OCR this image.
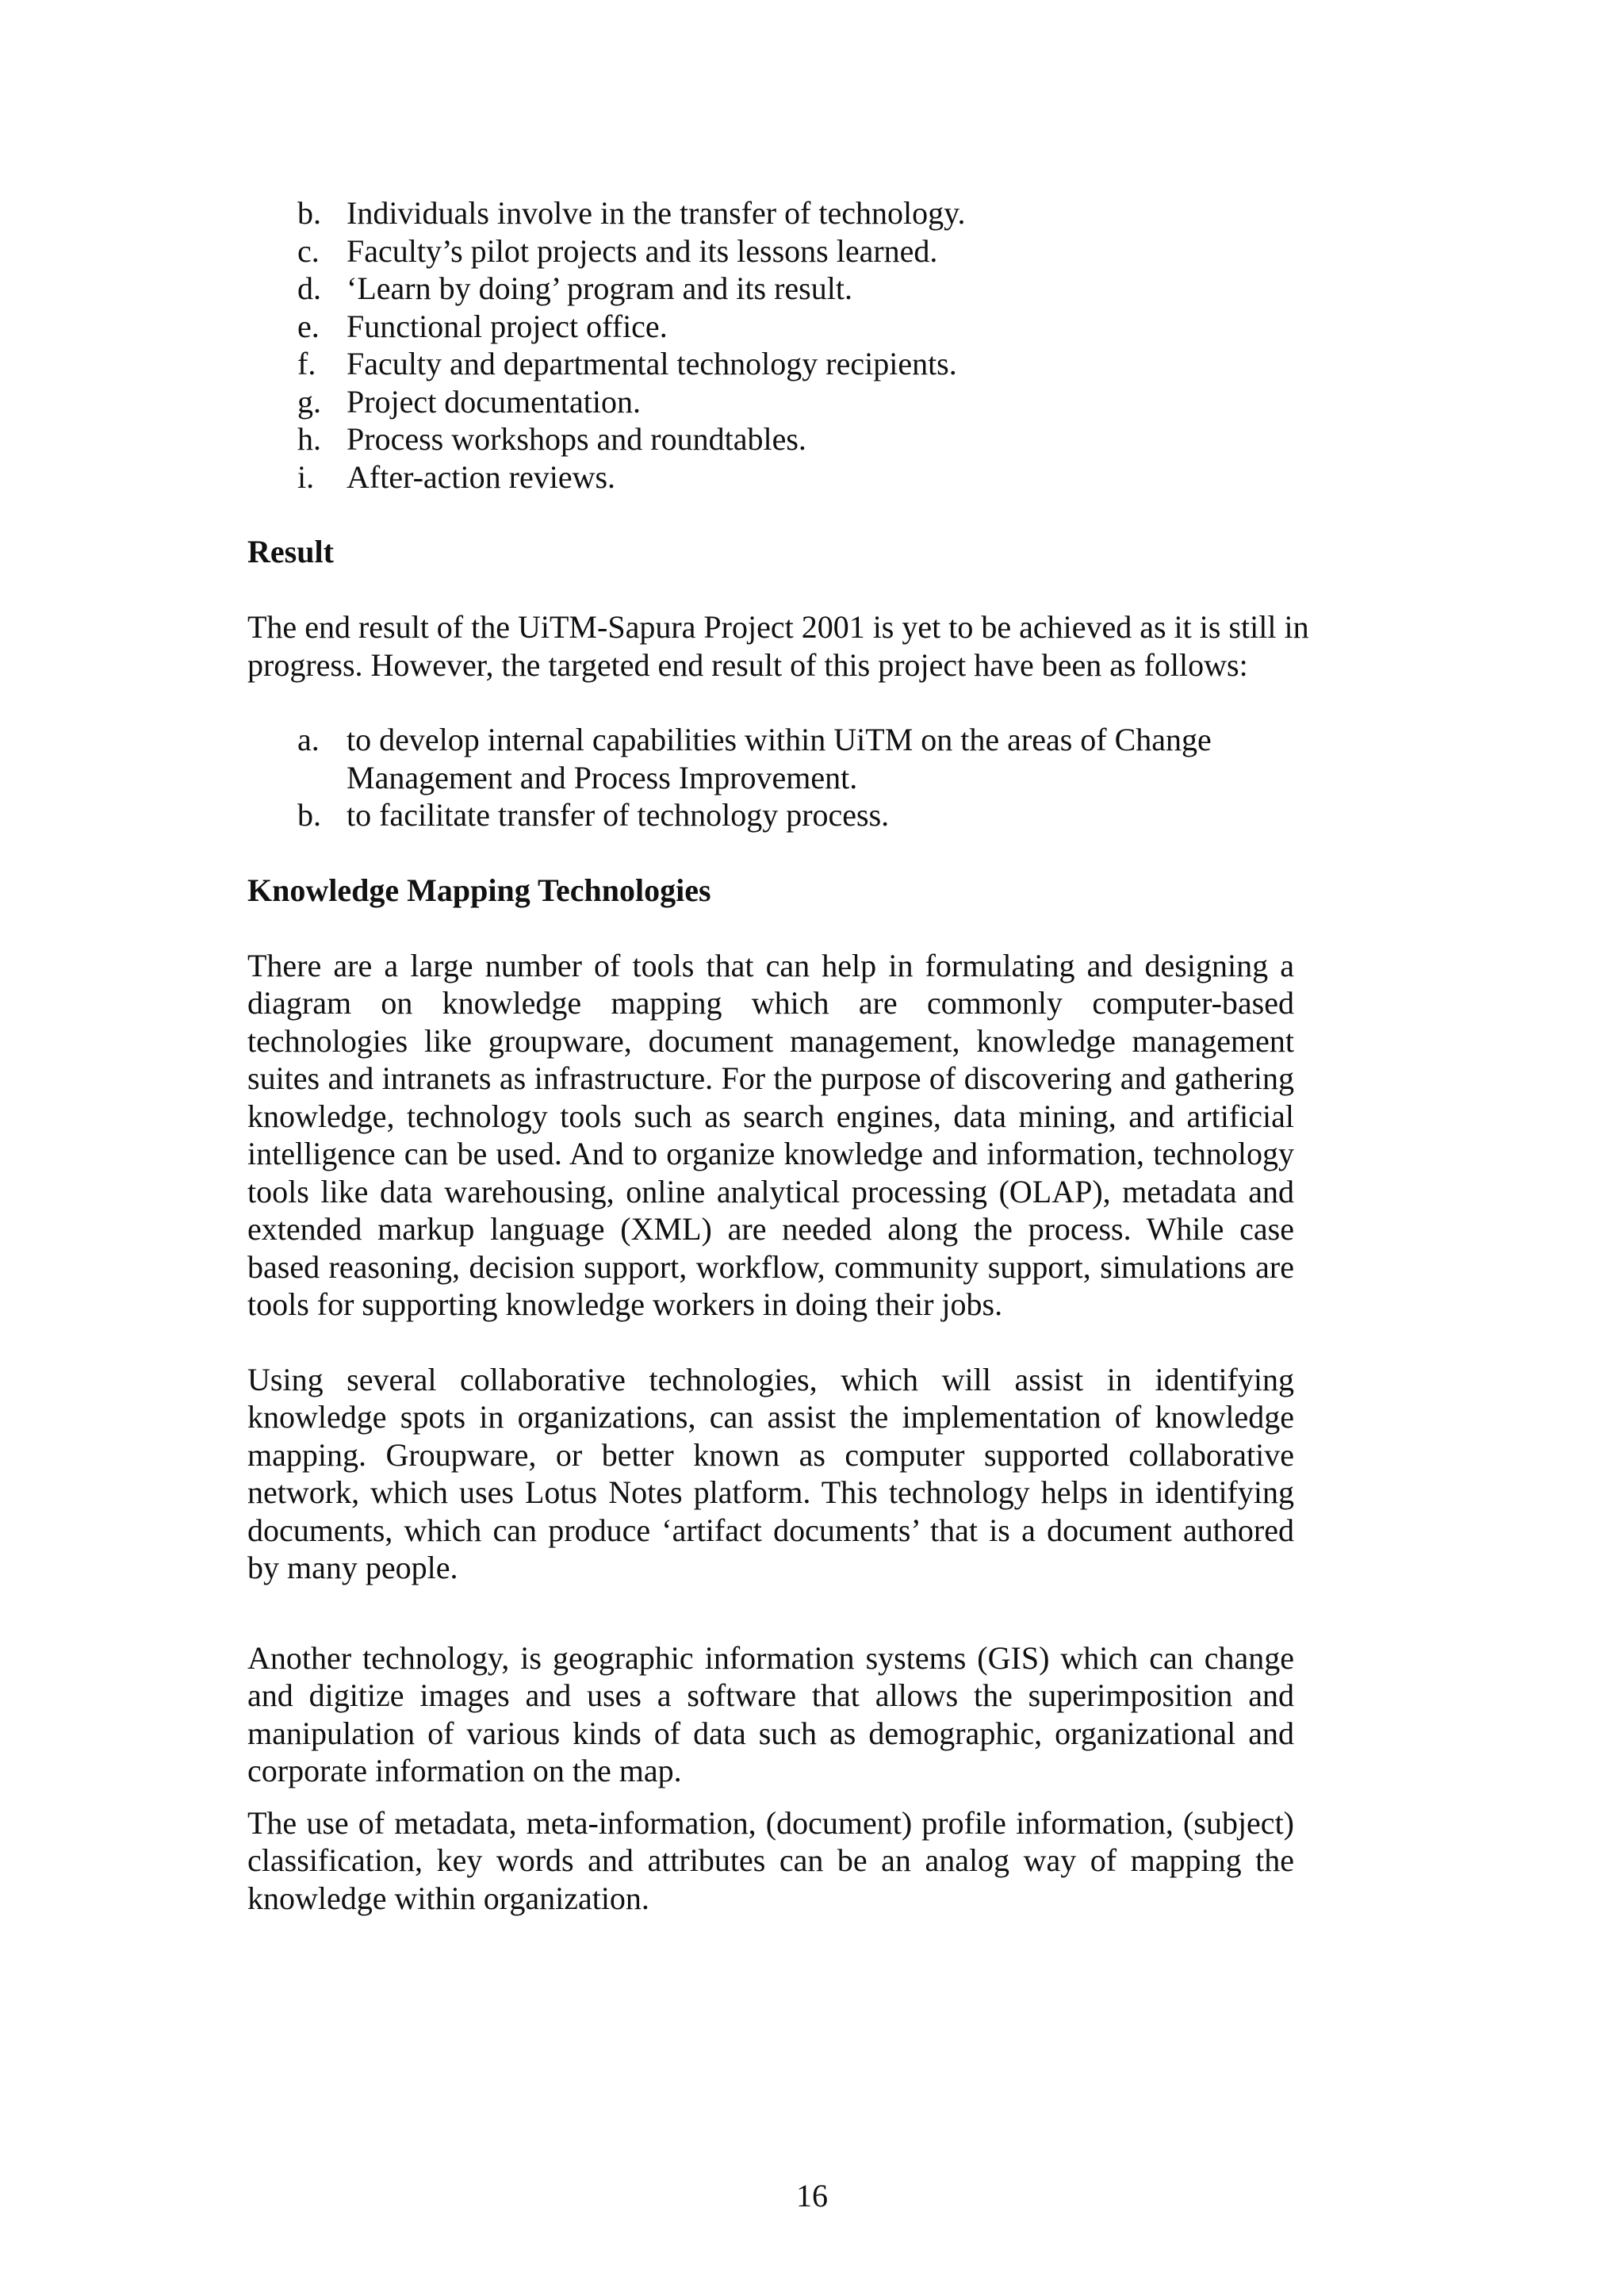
b. Individuals involve in the transfer of technology.
c. Faculty’s pilot projects and its lessons learned.
d. ‘Learn by doing’ program and its result.
e. Functional project office.
f. Faculty and departmental technology recipients.
g. Project documentation.
h. Process workshops and roundtables.
i. After-action reviews.
Result

The end result of the UiTM-Sapura Project 2001 is yet to be achieved as it is still in progress. However, the targeted end result of this project have been as follows:

a. to develop internal capabilities within UiTM on the areas of Change Management and Process Improvement.
b. to facilitate transfer of technology process.
Knowledge Mapping Technologies

There are a large number of tools that can help in formulating and designing a diagram on knowledge mapping which are commonly computer-based technologies like groupware, document management, knowledge management suites and intranets as infrastructure. For the purpose of discovering and gathering knowledge, technology tools such as search engines, data mining, and artificial intelligence can be used. And to organize knowledge and information, technology tools like data warehousing, online analytical processing (OLAP), metadata and extended markup language (XML) are needed along the process. While case based reasoning, decision support, workflow, community support, simulations are tools for supporting knowledge workers in doing their jobs.

Using several collaborative technologies, which will assist in identifying knowledge spots in organizations, can assist the implementation of knowledge mapping. Groupware, or better known as computer supported collaborative network, which uses Lotus Notes platform. This technology helps in identifying documents, which can produce ‘artifact documents’ that is a document authored by many people.

Another technology, is geographic information systems (GIS) which can change and digitize images and uses a software that allows the superimposition and manipulation of various kinds of data such as demographic, organizational and corporate information on the map.

The use of metadata, meta-information, (document) profile information, (subject) classification, key words and attributes can be an analog way of mapping the knowledge within organization.

16
